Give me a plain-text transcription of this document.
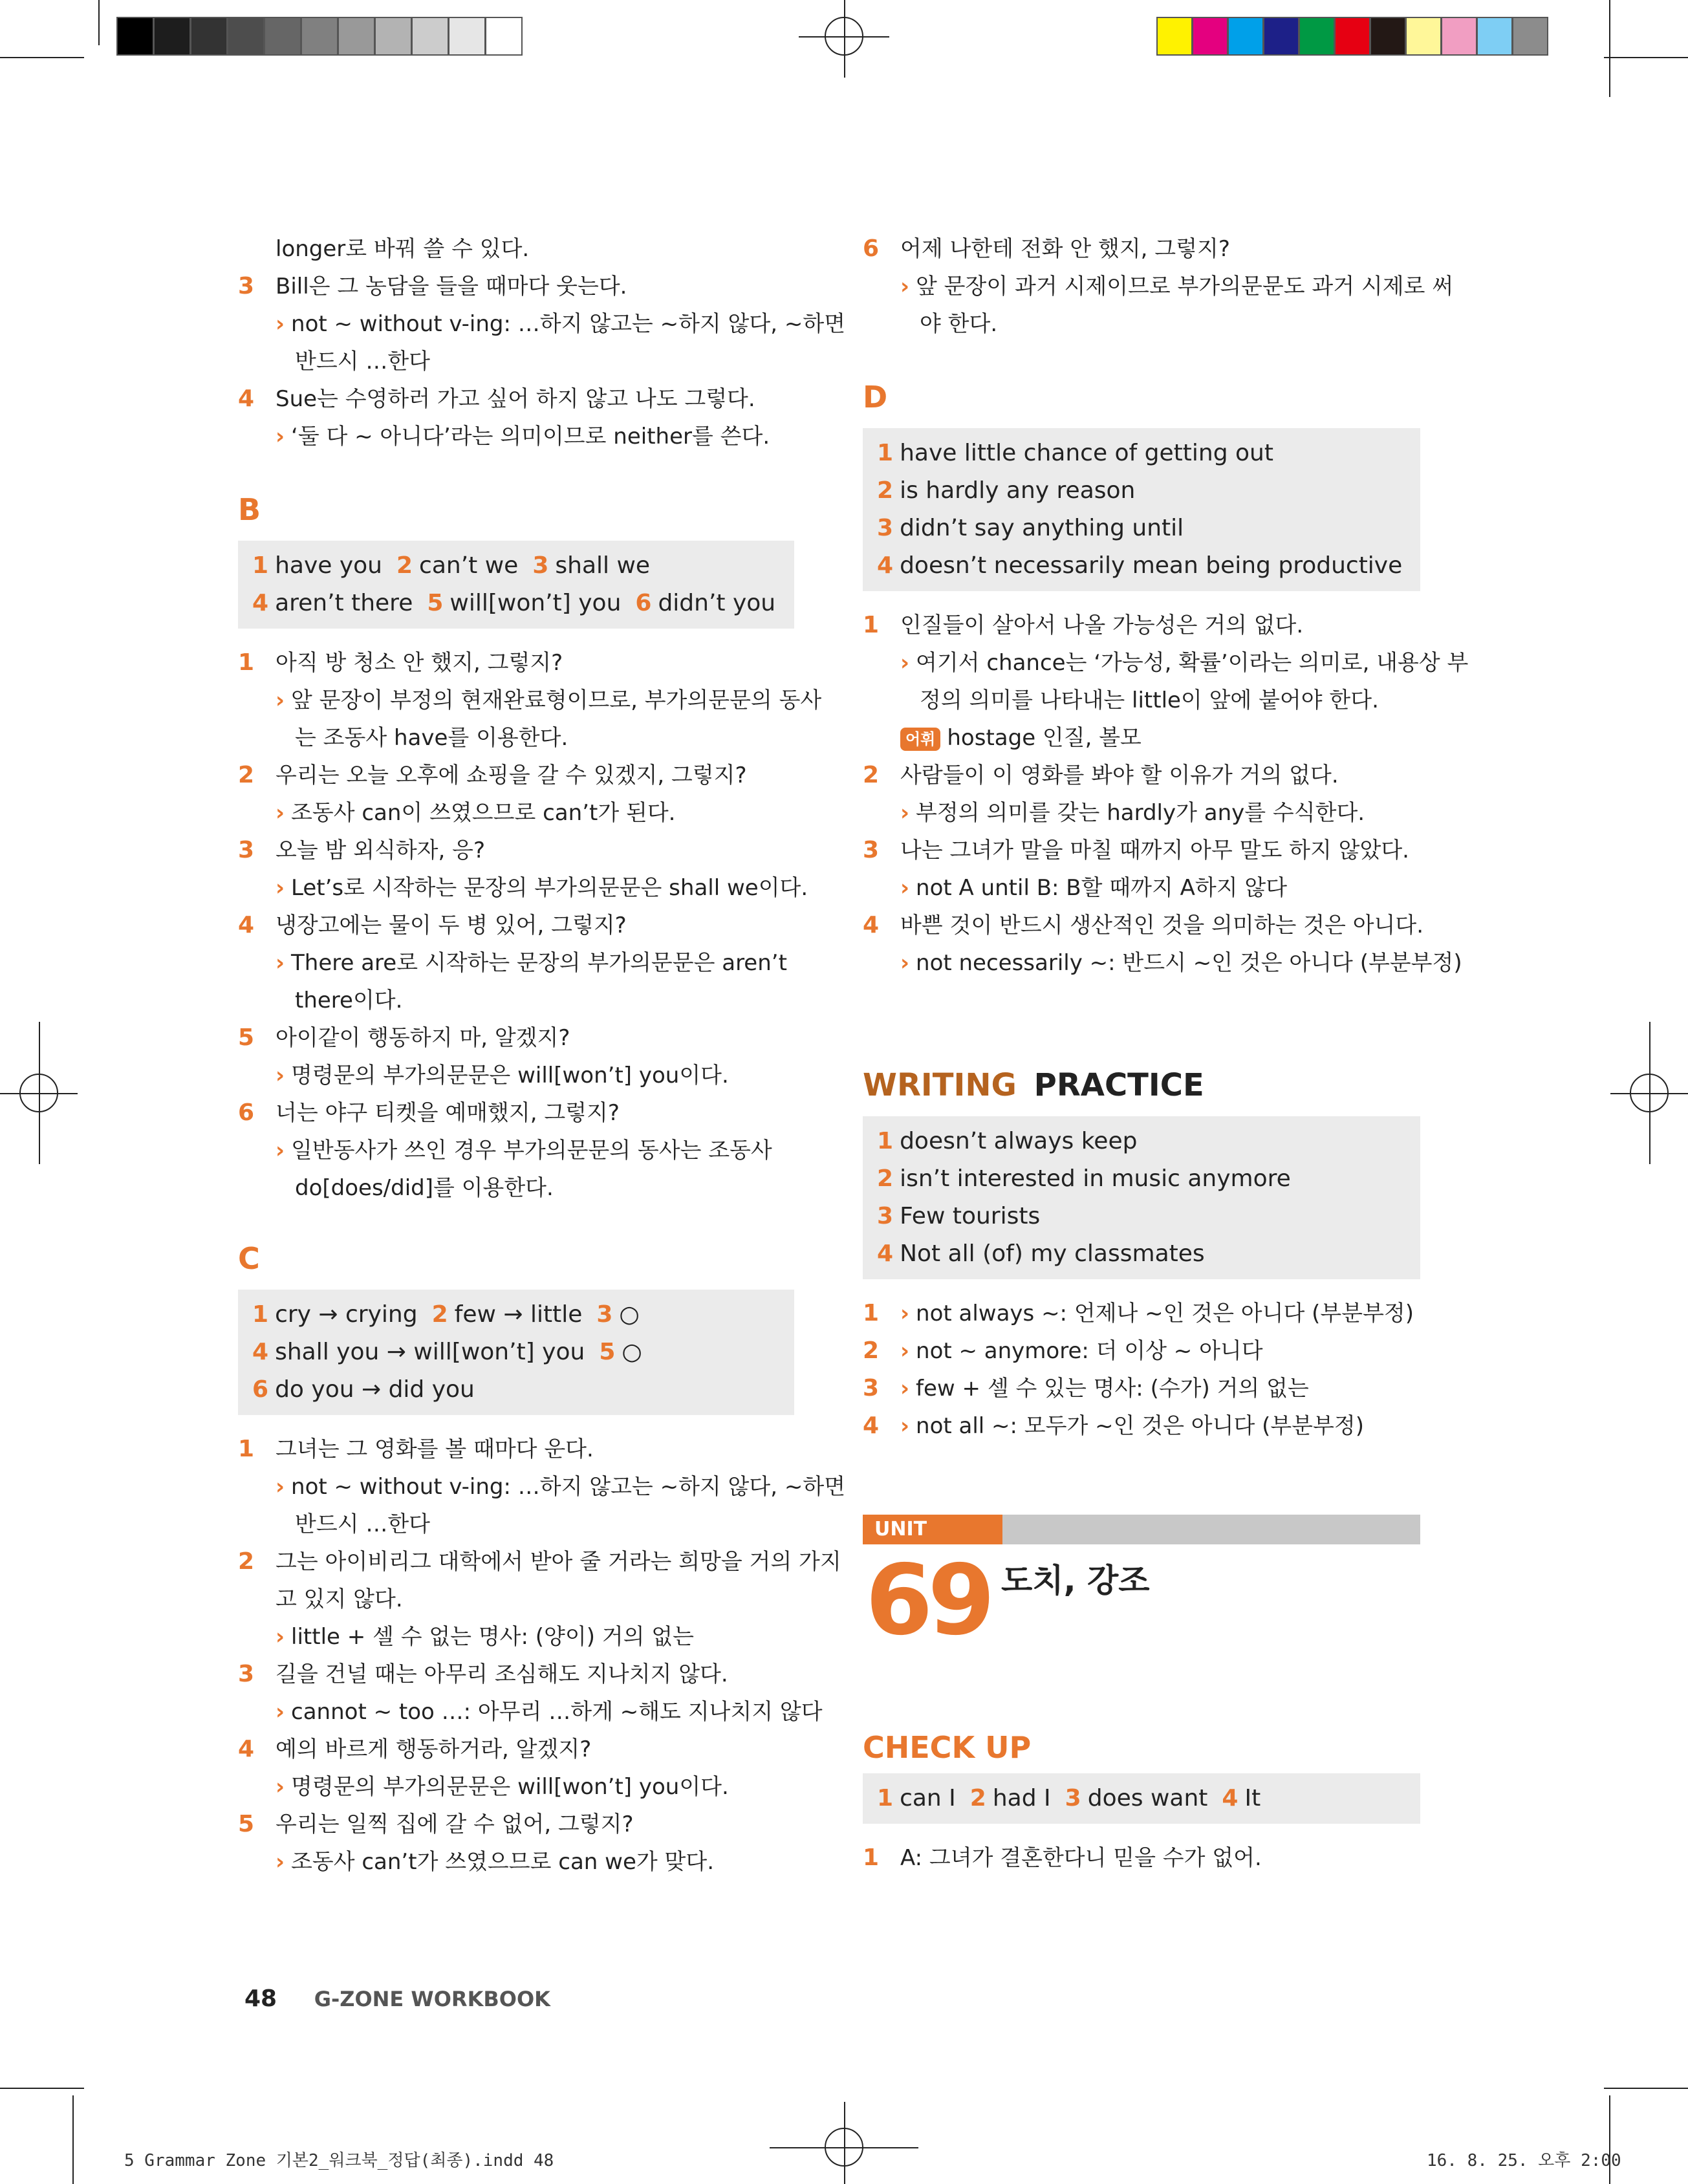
longer로 바꿔 쓸 수 있다.
3 Bill은 그 농담을 들을 때마다 웃는다.
› not ~ without v-ing: …하지 않고는 ~하지 않다, ~하면
반드시 …한다
4 Sue는 수영하러 가고 싶어 하지 않고 나도 그렇다.
› ‘둘 다 ~ 아니다’라는 의미이므로 neither를 쓴다.
B
1 have you 2 can’t we 3 shall we
4 aren’t there 5 will[won’t] you 6 didn’t you
1 아직 방 청소 안 했지, 그렇지?
› 앞 문장이 부정의 현재완료형이므로, 부가의문문의 동사
는 조동사 have를 이용한다.
2 우리는 오늘 오후에 쇼핑을 갈 수 있겠지, 그렇지?
› 조동사 can이 쓰였으므로 can’t가 된다.
3 오늘 밤 외식하자, 응?
› Let’s로 시작하는 문장의 부가의문문은 shall we이다.
4 냉장고에는 물이 두 병 있어, 그렇지?
› There are로 시작하는 문장의 부가의문문은 aren’t
there이다.
5 아이같이 행동하지 마, 알겠지?
› 명령문의 부가의문문은 will[won’t] you이다.
6 너는 야구 티켓을 예매했지, 그렇지?
› 일반동사가 쓰인 경우 부가의문문의 동사는 조동사
do[does/did]를 이용한다.
C
1 cry → crying 2 few → little 3 ○
4 shall you → will[won’t] you 5 ○
6 do you → did you
1 그녀는 그 영화를 볼 때마다 운다.
› not ~ without v-ing: …하지 않고는 ~하지 않다, ~하면
반드시 …한다
2 그는 아이비리그 대학에서 받아 줄 거라는 희망을 거의 가지
고 있지 않다.
› little + 셀 수 없는 명사: (양이) 거의 없는
3 길을 건널 때는 아무리 조심해도 지나치지 않다.
› cannot ~ too …: 아무리 …하게 ~해도 지나치지 않다
4 예의 바르게 행동하거라, 알겠지?
› 명령문의 부가의문문은 will[won’t] you이다.
5 우리는 일찍 집에 갈 수 없어, 그렇지?
› 조동사 can’t가 쓰였으므로 can we가 맞다.
6 어제 나한테 전화 안 했지, 그렇지?
› 앞 문장이 과거 시제이므로 부가의문문도 과거 시제로 써
야 한다.
D
1 have little chance of getting out
2 is hardly any reason
3 didn’t say anything until
4 doesn’t necessarily mean being productive
1 인질들이 살아서 나올 가능성은 거의 없다.
› 여기서 chance는 ‘가능성, 확률’이라는 의미로, 내용상 부
정의 의미를 나타내는 little이 앞에 붙어야 한다.
어휘 hostage 인질, 볼모
2 사람들이 이 영화를 봐야 할 이유가 거의 없다.
› 부정의 의미를 갖는 hardly가 any를 수식한다.
3 나는 그녀가 말을 마칠 때까지 아무 말도 하지 않았다.
› not A until B: B할 때까지 A하지 않다
4 바쁜 것이 반드시 생산적인 것을 의미하는 것은 아니다.
› not necessarily ~: 반드시 ~인 것은 아니다 (부분부정)
WRITING PRACTICE
1 doesn’t always keep
2 isn’t interested in music anymore
3 Few tourists
4 Not all (of) my classmates
1 › not always ~: 언제나 ~인 것은 아니다 (부분부정)
2 › not ~ anymore: 더 이상 ~ 아니다
3 › few + 셀 수 있는 명사: (수가) 거의 없는
4 › not all ~: 모두가 ~인 것은 아니다 (부분부정)
UNIT
69 도치, 강조
CHECK UP
1 can I 2 had I 3 does want 4 It
1 A: 그녀가 결혼한다니 믿을 수가 없어.
48 G-ZONE WORKBOOK
5 Grammar Zone 기본2_워크북_정답(최종).indd 48	16. 8. 25. 오후 2:00
